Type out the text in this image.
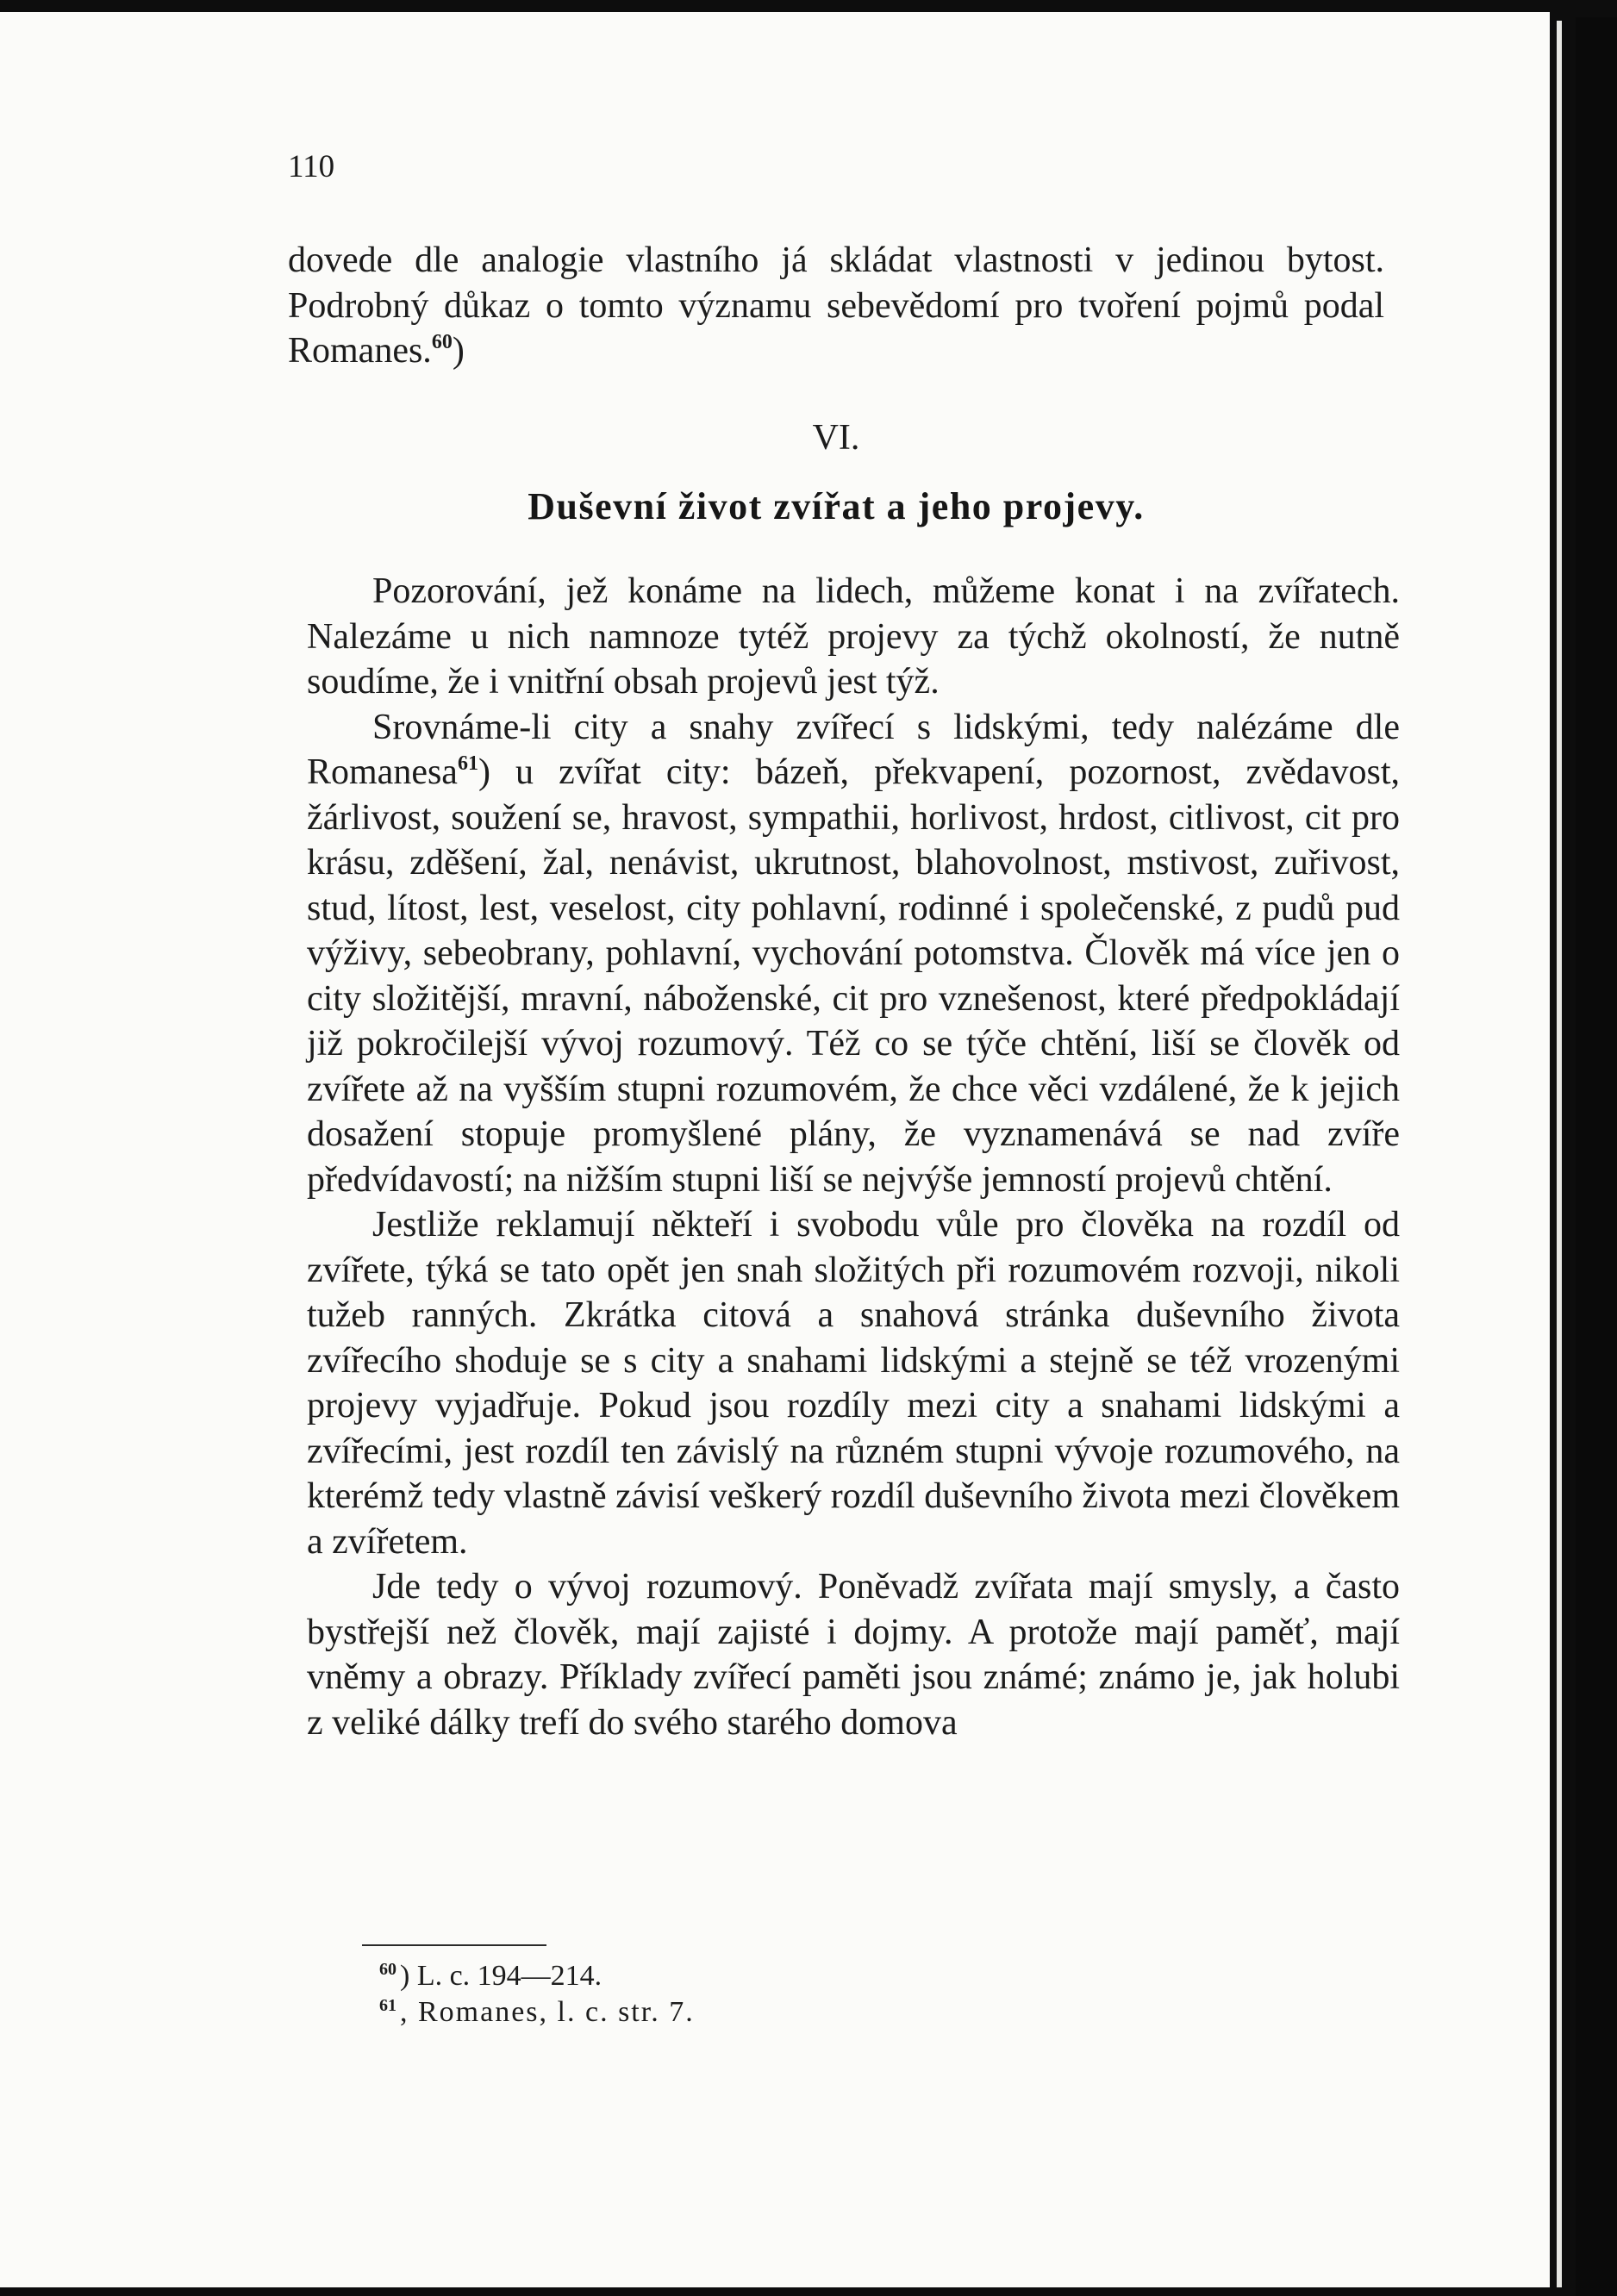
110

dovede dle analogie vlastního já skládat vlastnosti v jedinou bytost. Podrobný důkaz o tomto významu sebevědomí pro tvoření pojmů podal Romanes.$^{60}$)

VI.
Duševní život zvířat a jeho projevy.

Pozorování, jež konáme na lidech, můžeme konat i na zvířatech. Nalezáme u nich namnoze tytéž projevy za týchž okolností, že nutně soudíme, že i vnitřní obsah projevů jest týž.

Srovnáme-li city a snahy zvířecí s lidskými, tedy nalézáme dle Romanesa$^{61}$) u zvířat city: bázeň, překvapení, pozornost, zvědavost, žárlivost, soužení se, hravost, sympathii, horlivost, hrdost, citlivost, cit pro krásu, zděšení, žal, nenávist, ukrutnost, blahovolnost, mstivost, zuřivost, stud, lítost, lest, veselost, city pohlavní, rodinné i společenské, z pudů pud výživy, sebeobrany, pohlavní, vychování potomstva. Člověk má více jen o city složitější, mravní, náboženské, cit pro vznešenost, které předpokládají již pokročilejší vývoj rozumový. Též co se týče chtění, liší se člověk od zvířete až na vyšším stupni rozumovém, že chce věci vzdálené, že k jejich dosažení stopuje promyšlené plány, že vyznamenává se nad zvíře předvídavostí; na nižším stupni liší se nejvýše jemností projevů chtění.

Jestliže reklamují někteří i svobodu vůle pro člověka na rozdíl od zvířete, týká se tato opět jen snah složitých při rozumovém rozvoji, nikoli tužeb ranných. Zkrátka citová a snahová stránka duševního života zvířecího shoduje se s city a snahami lidskými a stejně se též vrozenými projevy vyjadřuje. Pokud jsou rozdíly mezi city a snahami lidskými a zvířecími, jest rozdíl ten závislý na různém stupni vývoje rozumového, na kterémž tedy vlastně závisí veškerý rozdíl duševního života mezi člověkem a zvířetem.

Jde tedy o vývoj rozumový. Poněvadž zvířata mají smysly, a často bystřejší než člověk, mají zajisté i dojmy. A protože mají paměť, mají vněmy a obrazy. Příklady zvířecí paměti jsou známé; známo je, jak holubi z veliké dálky trefí do svého starého domova

$^{60}$ ) L. c. 194—214.
$^{61}$ , Romanes, l. c. str. 7.
